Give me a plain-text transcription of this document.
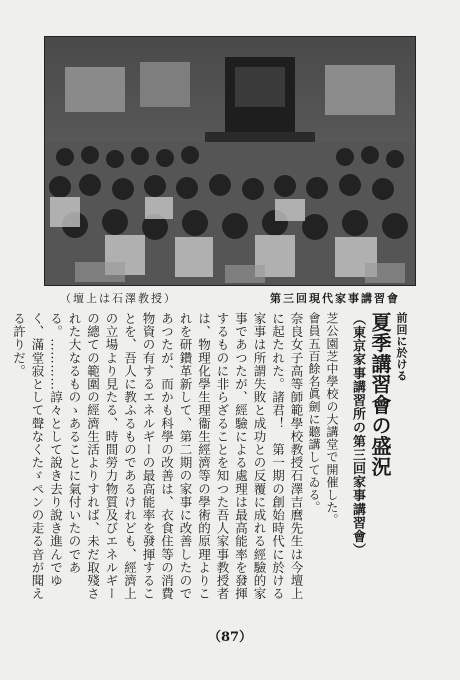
第三回現代家事講習會
（壇上は石澤教授）
前回に於ける
夏季講習會の盛況
（東京家事講習所の第三回家事講習會）
芝公園芝中學校の大講堂で開催した。
會員五百餘名眞劍に聽講してゐる。
奈良女子高等師範學校教授石澤吉麿先生は今壇上に起たれた。諸君！　第一期の創始時代に於ける家事は所謂失敗と成功との反覆に成れる經驗的家事であつたが、經驗による處理は最高能率を發揮するものに非らざることを知つた吾人家事教授者は、物理化學生理衞生經濟等の學術的原理よりこれを研鑽革新して、第二期の家事に改善したのであつたが、而かも科學の改善は、衣食住等の消費物資の有するエネルギーの最高能率を發揮することを、吾人に教ふるものであるけれども、經濟上の立場より見たる、時間勞力物質及びエネルギーの總ての範圍の經濟生活よりすれば、未だ取殘された大なるものゝあることに氣付いたのである。…………諄々として說き去り說き進んでゆく、滿堂寂として聲なくたゞペンの走る音が聞える許りだ。
（87）
